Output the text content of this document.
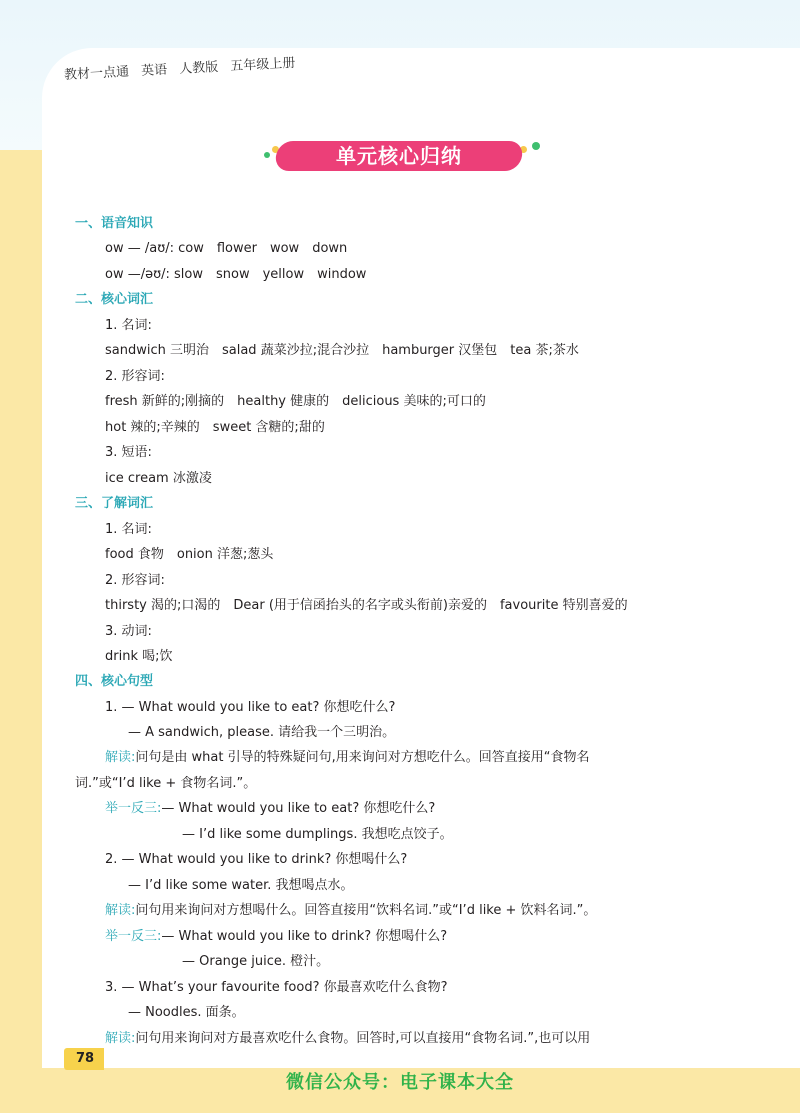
教材一点通 英语 人教版 五年级上册
单元核心归纳
一、语音知识
ow — /aʊ/: cow　flower　wow　down
ow —/əʊ/: slow　snow　yellow　window
二、核心词汇
1. 名词:
sandwich 三明治　salad 蔬菜沙拉;混合沙拉　hamburger 汉堡包　tea 茶;茶水
2. 形容词:
fresh 新鲜的;刚摘的　healthy 健康的　delicious 美味的;可口的
hot 辣的;辛辣的　sweet 含糖的;甜的
3. 短语:
ice cream 冰激凌
三、了解词汇
1. 名词:
food 食物　onion 洋葱;葱头
2. 形容词:
thirsty 渴的;口渴的　Dear (用于信函抬头的名字或头衔前)亲爱的　favourite 特别喜爱的
3. 动词:
drink 喝;饮
四、核心句型
1. — What would you like to eat? 你想吃什么?
— A sandwich, please. 请给我一个三明治。
解读:问句是由 what 引导的特殊疑问句,用来询问对方想吃什么。回答直接用“食物名
词.”或“I’d like + 食物名词.”。
举一反三:— What would you like to eat? 你想吃什么?
— I’d like some dumplings. 我想吃点饺子。
2. — What would you like to drink? 你想喝什么?
— I’d like some water. 我想喝点水。
解读:问句用来询问对方想喝什么。回答直接用“饮料名词.”或“I’d like + 饮料名词.”。
举一反三:— What would you like to drink? 你想喝什么?
— Orange juice. 橙汁。
3. — What’s your favourite food? 你最喜欢吃什么食物?
— Noodles. 面条。
解读:问句用来询问对方最喜欢吃什么食物。回答时,可以直接用“食物名词.”,也可以用
78
微信公众号：电子课本大全
